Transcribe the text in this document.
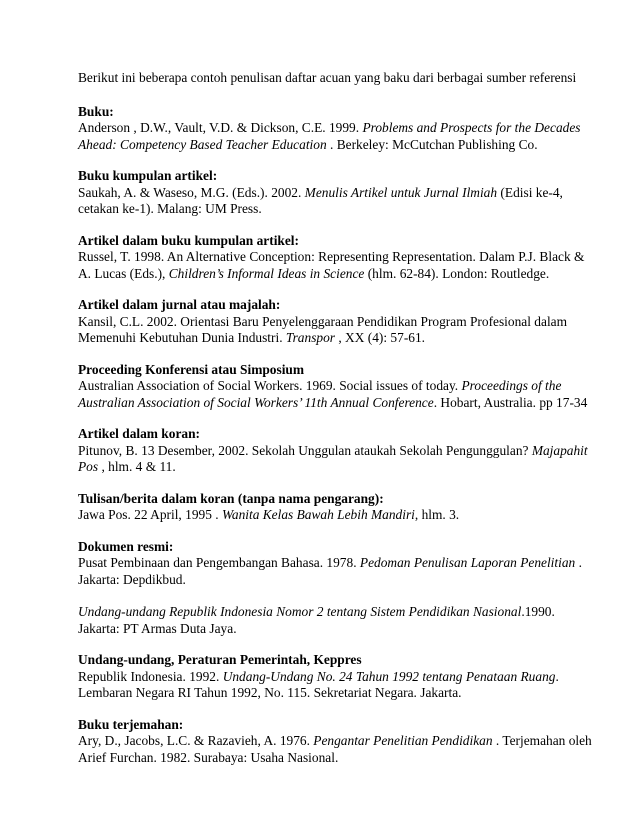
Berikut ini beberapa contoh penulisan daftar acuan yang baku dari berbagai sumber referensi

Buku:

Anderson , D.W., Vault, V.D. & Dickson, C.E. 1999. Problems and Prospects for the Decades Ahead: Competency Based Teacher Education . Berkeley: McCutchan Publishing Co.

Buku kumpulan artikel:

Saukah, A. & Waseso, M.G. (Eds.). 2002. Menulis Artikel untuk Jurnal Ilmiah (Edisi ke-4, cetakan ke-1). Malang: UM Press.

Artikel dalam buku kumpulan artikel:

Russel, T. 1998. An Alternative Conception: Representing Representation. Dalam P.J. Black & A. Lucas (Eds.), Children’s Informal Ideas in Science (hlm. 62-84). London: Routledge.

Artikel dalam jurnal atau majalah:

Kansil, C.L. 2002. Orientasi Baru Penyelenggaraan Pendidikan Program Profesional dalam Memenuhi Kebutuhan Dunia Industri. Transpor , XX (4): 57-61.

Proceeding Konferensi atau Simposium

Australian Association of Social Workers. 1969. Social issues of today. Proceedings of the Australian Association of Social Workers’ 11th Annual Conference. Hobart, Australia. pp 17-34

Artikel dalam koran:

Pitunov, B. 13 Desember, 2002. Sekolah Unggulan ataukah Sekolah Pengunggulan? Majapahit Pos , hlm. 4 & 11.

Tulisan/berita dalam koran (tanpa nama pengarang):

Jawa Pos. 22 April, 1995 . Wanita Kelas Bawah Lebih Mandiri, hlm. 3.

Dokumen resmi:

Pusat Pembinaan dan Pengembangan Bahasa. 1978. Pedoman Penulisan Laporan Penelitian . Jakarta: Depdikbud.

Undang-undang Republik Indonesia Nomor 2 tentang Sistem Pendidikan Nasional.1990. Jakarta: PT Armas Duta Jaya.

Undang-undang, Peraturan Pemerintah, Keppres

Republik Indonesia. 1992. Undang-Undang No. 24 Tahun 1992 tentang Penataan Ruang. Lembaran Negara RI Tahun 1992, No. 115. Sekretariat Negara. Jakarta.

Buku terjemahan:

Ary, D., Jacobs, L.C. & Razavieh, A. 1976. Pengantar Penelitian Pendidikan . Terjemahan oleh Arief Furchan. 1982. Surabaya: Usaha Nasional.
